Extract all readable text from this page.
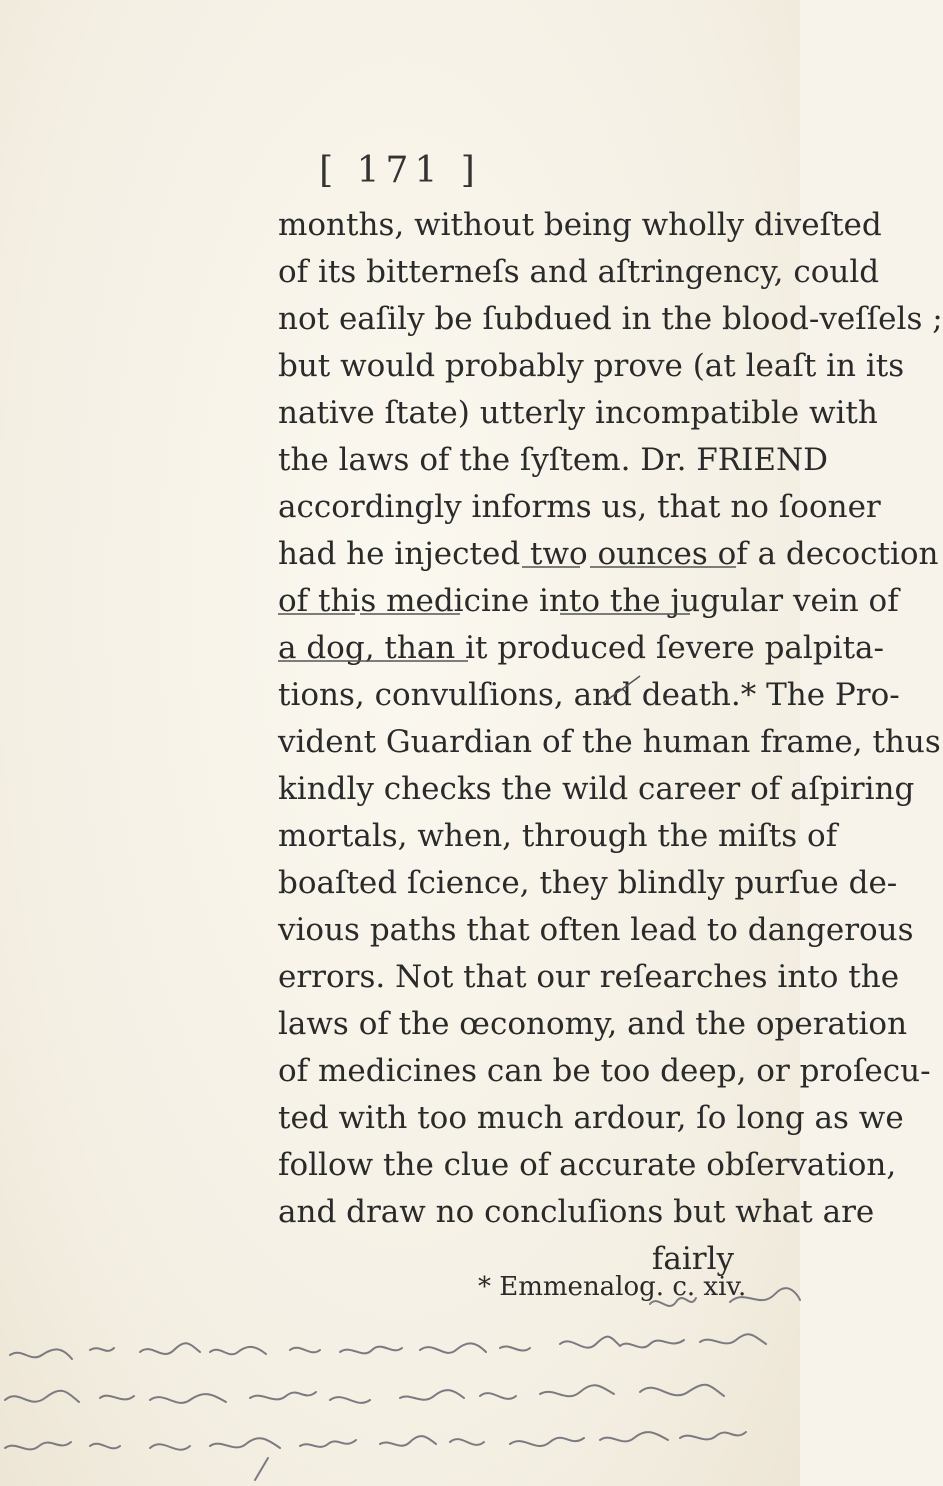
[ 171 ]
months, without being wholly diveſted
of its bitterneſs and aſtringency, could
not eaſily be ſubdued in the blood-veſſels ;
but would probably prove (at leaſt in its
native ſtate) utterly incompatible with
the laws of the ſyſtem. Dr. FRIEND
accordingly informs us, that no ſooner
had he injected two ounces of a decoction
of this medicine into the jugular vein of
a dog, than it produced ſevere palpita-
tions, convulſions, and death.* The Pro-
vident Guardian of the human frame, thus
kindly checks the wild career of aſpiring
mortals, when, through the miſts of
boaſted ſcience, they blindly purſue de-
vious paths that often lead to dangerous
errors. Not that our reſearches into the
laws of the œconomy, and the operation
of medicines can be too deep, or proſecu-
ted with too much ardour, ſo long as we
follow the clue of accurate obſervation,
and draw no concluſions but what are
fairly
* Emmenalog. c. xiv.
